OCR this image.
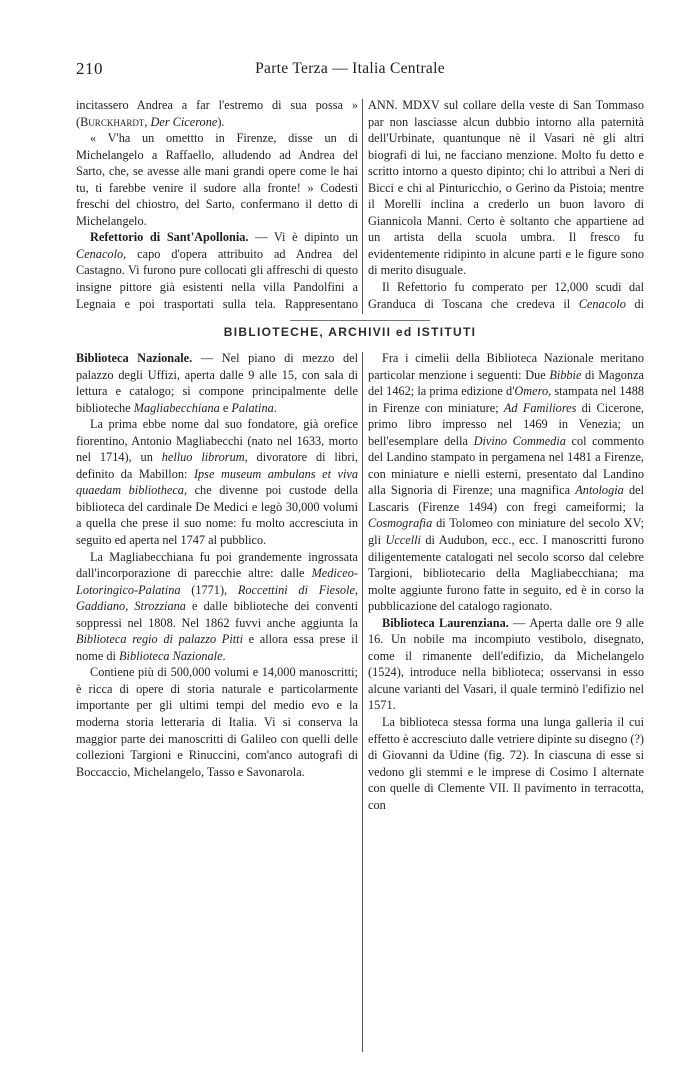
210	Parte Terza — Italia Centrale

incitassero Andrea a far l'estremo di sua possa » (Burckhardt, Der Cicerone).

« V'ha un omettto in Firenze, disse un di Michelangelo a Raffaello, alludendo ad Andrea del Sarto, che, se avesse alle mani grandi opere come le hai tu, ti farebbe venire il sudore alla fronte! » Codesti freschi del chiostro, del Sarto, confermano il detto di Michelangelo.

Refettorio di Sant'Apollonia. — Vi è dipinto un Cenacolo, capo d'opera attribuito ad Andrea del Castagno. Vi furono pure collocati gli affreschi di questo insigne pittore già esistenti nella villa Pandolfini a Legnaia e poi trasportati sulla tela. Rappresentano

ANN. MDXV sul collare della veste di San Tommaso par non lasciasse alcun dubbio intorno alla paternità dell'Urbinate, quantunque nè il Vasari nè gli altri biografi di lui, ne facciano menzione. Molto fu detto e scritto intorno a questo dipinto; chi lo attribuì a Neri di Bicci e chi al Pinturicchio, o Gerino da Pistoia; mentre il Morelli inclina a crederlo un buon lavoro di Giannicola Manni. Certo è soltanto che appartiene ad un artista della scuola umbra. Il fresco fu evidentemente ridipinto in alcune parti e le figure sono di merito disuguale.

Il Refettorio fu comperato per 12,000 scudi dal Granduca di Toscana che credeva il Cenacolo di

BIBLIOTECHE, ARCHIVII ed ISTITUTI

Biblioteca Nazionale. — Nel piano di mezzo del palazzo degli Uffizi, aperta dalle 9 alle 15, con sala di lettura e catalogo; si compone principalmente delle biblioteche Magliabecchiana e Palatina.

La prima ebbe nome dal suo fondatore, già orefice fiorentino, Antonio Magliabecchi (nato nel 1633, morto nel 1714), un helluo librorum, divoratore di libri, definito da Mabillon: Ipse museum ambulans et viva quaedam bibliotheca, che divenne poi custode della biblioteca del cardinale De Medici e legò 30,000 volumi a quella che prese il suo nome: fu molto accresciuta in seguito ed aperta nel 1747 al pubblico.

La Magliabecchiana fu poi grandemente ingrossata dall'incorporazione di parecchie altre: dalle Mediceo-Lotoringico-Palatina (1771), Roccettini di Fiesole, Gaddiano, Strozziana e dalle biblioteche dei conventi soppressi nel 1808. Nel 1862 fuvvi anche aggiunta la Biblioteca regio di palazzo Pitti e allora essa prese il nome di Biblioteca Nazionale.

Contiene più di 500,000 volumi e 14,000 manoscritti; è ricca di opere di storia naturale e particolarmente importante per gli ultimi tempi del medio evo e la moderna storia letteraria di Italia. Vi si conserva la maggior parte dei manoscritti di Galileo con quelli delle collezioni Targioni e Rinuccini, com'anco autografi di Boccaccio, Michelangelo, Tasso e Savonarola.

Fra i cimelii della Biblioteca Nazionale meritano particolar menzione i seguenti: Due Bibbie di Magonza del 1462; la prima edizione d'Omero, stampata nel 1488 in Firenze con miniature; Ad Familiores di Cicerone, primo libro impresso nel 1469 in Venezia; un bell'esemplare della Divino Commedia col commento del Landino stampato in pergamena nel 1481 a Firenze, con miniature e nielli esterni, presentato dal Landino alla Signoria di Firenze; una magnifica Antologia del Lascaris (Firenze 1494) con fregi cameiformi; la Cosmografia di Tolomeo con miniature del secolo XV; gli Uccelli di Audubon, ecc., ecc. I manoscritti furono diligentemente catalogati nel secolo scorso dal celebre Targioni, bibliotecario della Magliabecchiana; ma molte aggiunte furono fatte in seguito, ed è in corso la pubblicazione del catalogo ragionato.

Biblioteca Laurenziana. — Aperta dalle ore 9 alle 16. Un nobile ma incompiuto vestibolo, disegnato, come il rimanente dell'edifizio, da Michelangelo (1524), introduce nella biblioteca; osservansi in esso alcune varianti del Vasari, il quale terminò l'edifizio nel 1571.

La biblioteca stessa forma una lunga galleria il cui effetto è accresciuto dalle vetriere dipinte su disegno (?) di Giovanni da Udine (fig. 72). In ciascuna di esse si vedono gli stemmi e le imprese di Cosimo I alternate con quelle di Clemente VII. Il pavimento in terracotta, con
